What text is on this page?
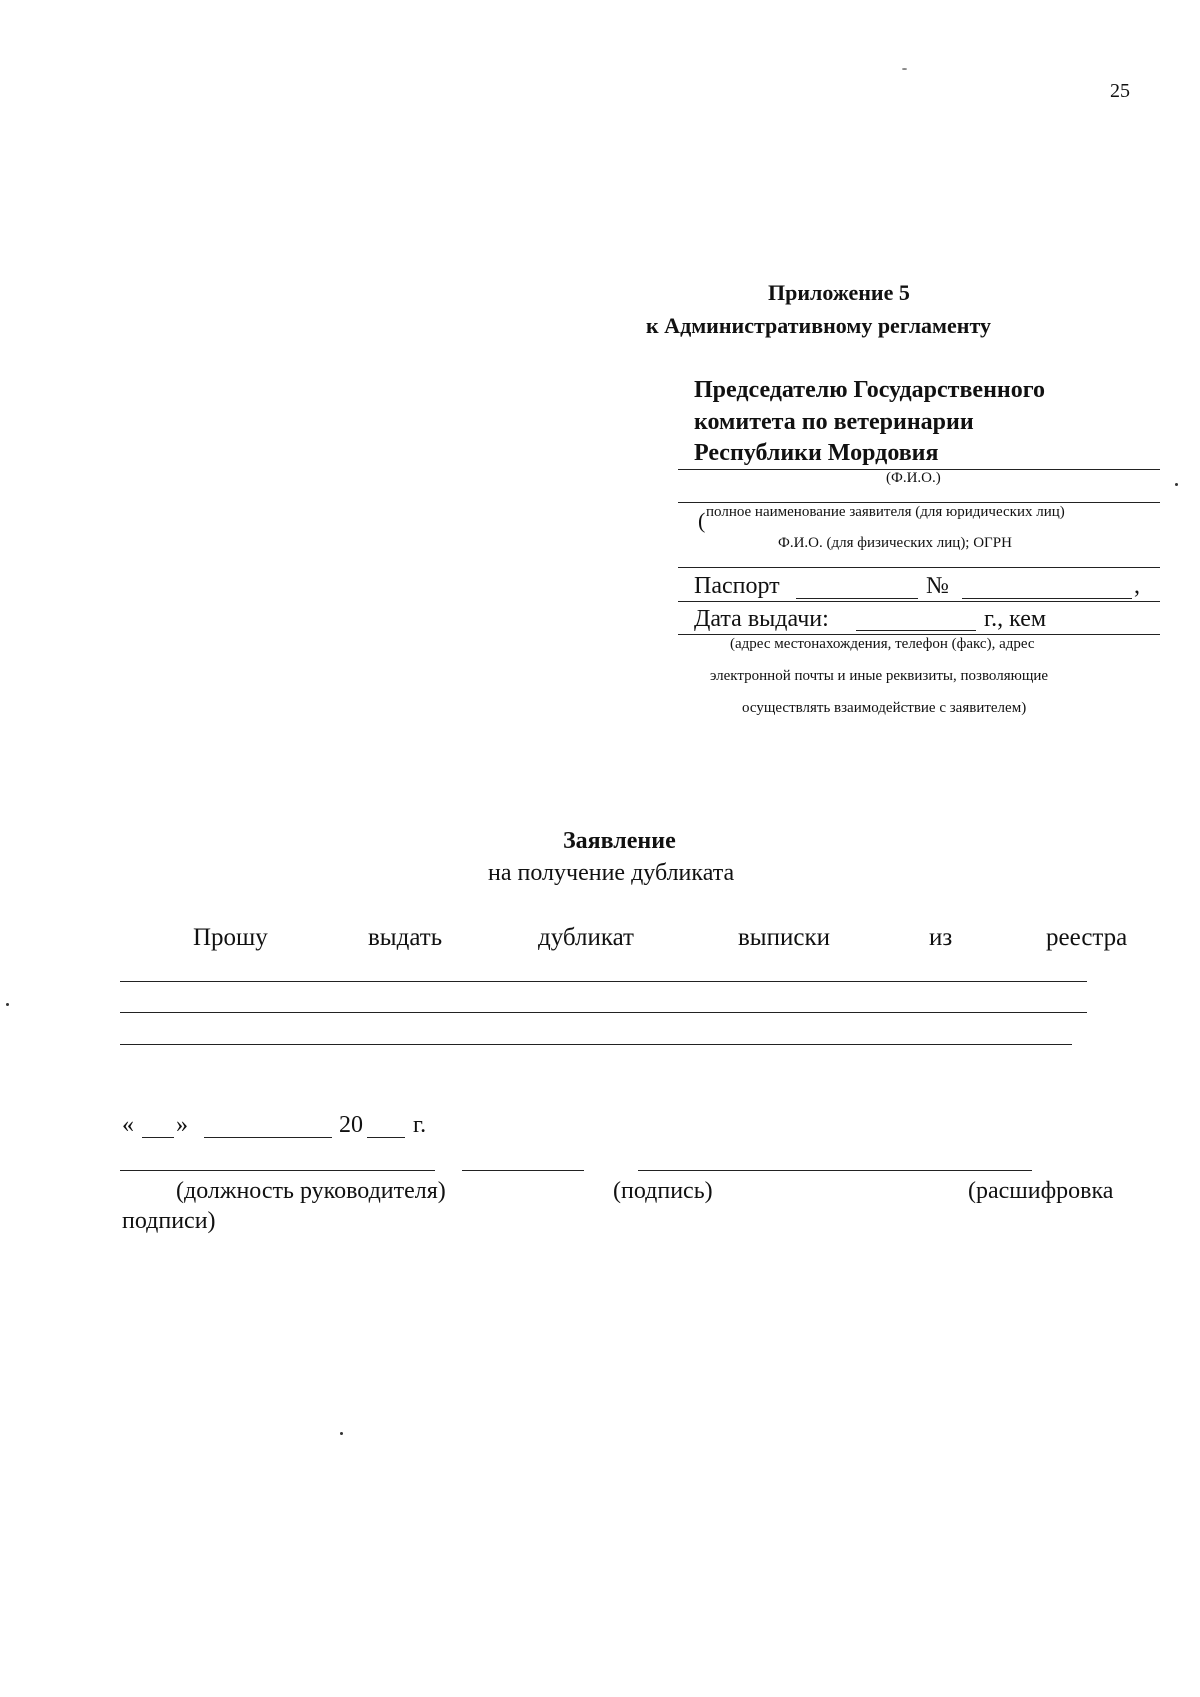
25
Приложение 5
к Административному регламенту
Председателю Государственного
комитета по ветеринарии
Республики Мордовия
(Ф.И.О.)
( полное наименование заявителя (для юридических лиц)
Ф.И.О. (для физических лиц); ОГРН
Паспорт	№	,
Дата выдачи:	г., кем
(адрес местонахождения, телефон (факс), адрес
электронной почты и иные реквизиты, позволяющие
осуществлять взаимодействие с заявителем)
Заявление
на получение дубликата
Прошу	выдать	дубликат	выписки	из	реестра
« »	20 г.
(должность руководителя)	(подпись)	(расшифровка
подписи)
